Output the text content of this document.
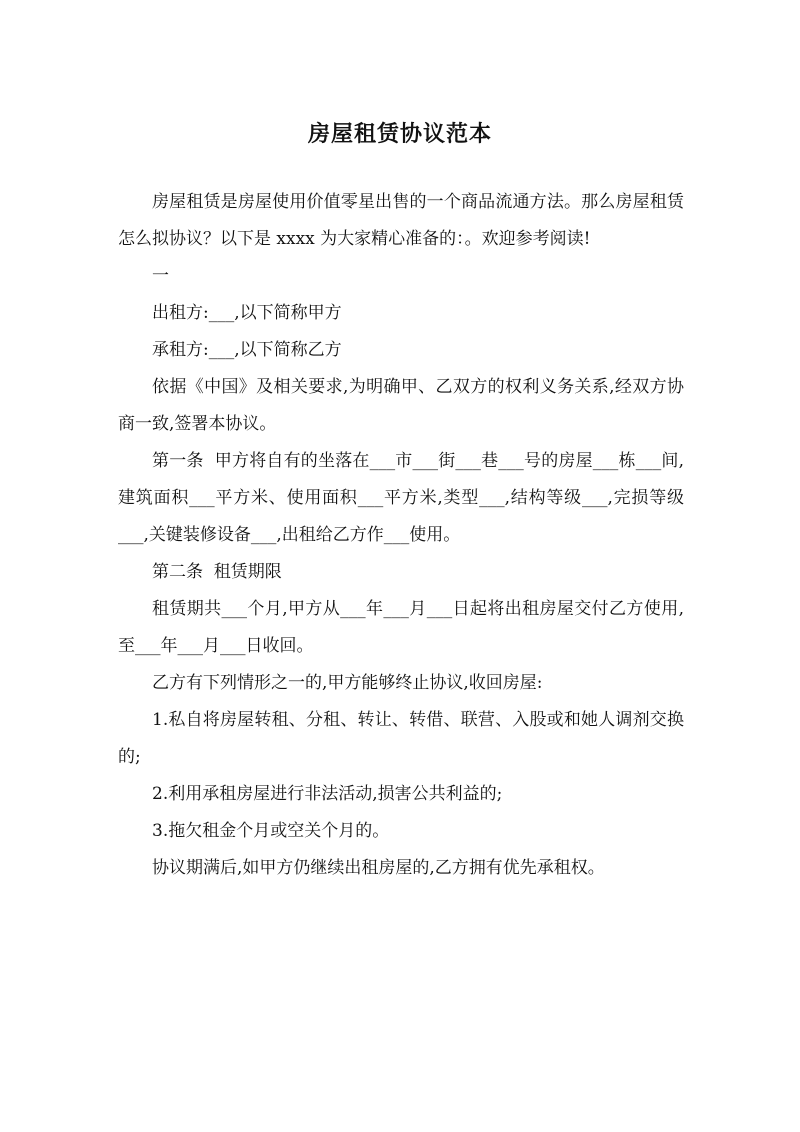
房屋租赁协议范本

房屋租赁是房屋使用价值零星出售的一个商品流通方法。那么房屋租赁怎么拟协议？以下是 xxxx 为大家精心准备的：。欢迎参考阅读!

一

出租方:___,以下简称甲方

承租方:___,以下简称乙方

依据《中国》及相关要求,为明确甲、乙双方的权利义务关系,经双方协商一致,签署本协议。

第一条  甲方将自有的坐落在___市___街___巷___号的房屋___栋___间,建筑面积___平方米、使用面积___平方米,类型___,结构等级___,完损等级___,关键装修设备___,出租给乙方作___使用。

第二条  租赁期限

租赁期共___个月,甲方从___年___月___日起将出租房屋交付乙方使用,至___年___月___日收回。

乙方有下列情形之一的,甲方能够终止协议,收回房屋:

1.私自将房屋转租、分租、转让、转借、联营、入股或和她人调剂交换的;

2.利用承租房屋进行非法活动,损害公共利益的;

3.拖欠租金个月或空关个月的。

协议期满后,如甲方仍继续出租房屋的,乙方拥有优先承租权。
